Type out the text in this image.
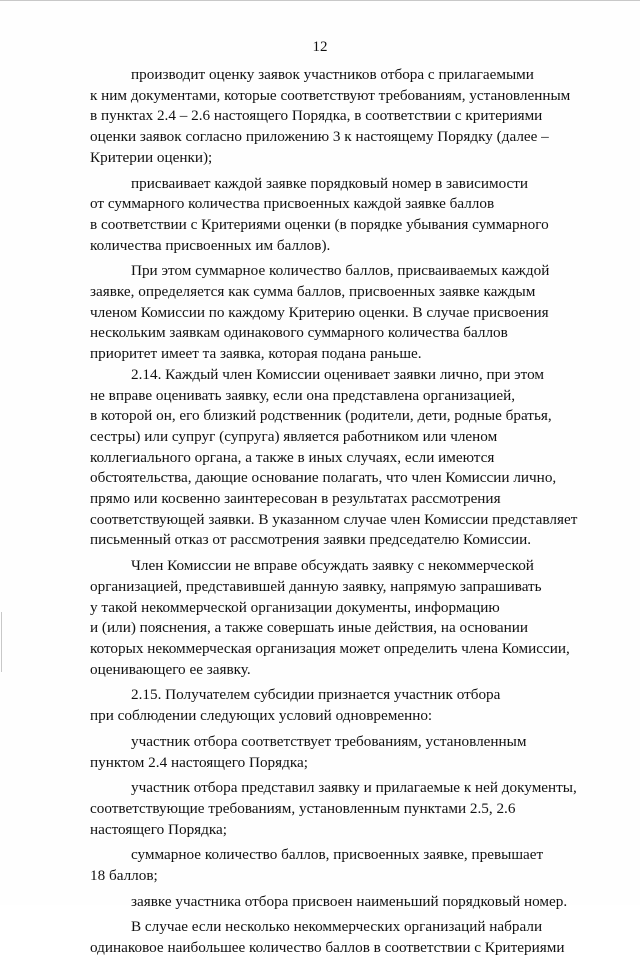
12

производит оценку заявок участников отбора с прилагаемыми
к ним документами, которые соответствуют требованиям, установленным
в пунктах 2.4 – 2.6 настоящего Порядка, в соответствии с критериями
оценки заявок согласно приложению 3 к настоящему Порядку (далее –
Критерии оценки);

присваивает каждой заявке порядковый номер в зависимости
от суммарного количества присвоенных каждой заявке баллов
в соответствии с Критериями оценки (в порядке убывания суммарного
количества присвоенных им баллов).

При этом суммарное количество баллов, присваиваемых каждой
заявке, определяется как сумма баллов, присвоенных заявке каждым
членом Комиссии по каждому Критерию оценки. В случае присвоения
нескольким заявкам одинакового суммарного количества баллов
приоритет имеет та заявка, которая подана раньше.

2.14. Каждый член Комиссии оценивает заявки лично, при этом
не вправе оценивать заявку, если она представлена организацией,
в которой он, его близкий родственник (родители, дети, родные братья,
сестры) или супруг (супруга) является работником или членом
коллегиального органа, а также в иных случаях, если имеются
обстоятельства, дающие основание полагать, что член Комиссии лично,
прямо или косвенно заинтересован в результатах рассмотрения
соответствующей заявки. В указанном случае член Комиссии представляет
письменный отказ от рассмотрения заявки председателю Комиссии.

Член Комиссии не вправе обсуждать заявку с некоммерческой
организацией, представившей данную заявку, напрямую запрашивать
у такой некоммерческой организации документы, информацию
и (или) пояснения, а также совершать иные действия, на основании
которых некоммерческая организация может определить члена Комиссии,
оценивающего ее заявку.

2.15. Получателем субсидии признается участник отбора
при соблюдении следующих условий одновременно:

участник отбора соответствует требованиям, установленным
пунктом 2.4 настоящего Порядка;

участник отбора представил заявку и прилагаемые к ней документы,
соответствующие требованиям, установленным пунктами 2.5, 2.6
настоящего Порядка;

суммарное количество баллов, присвоенных заявке, превышает
18 баллов;

заявке участника отбора присвоен наименьший порядковый номер.

В случае если несколько некоммерческих организаций набрали
одинаковое наибольшее количество баллов в соответствии с Критериями
